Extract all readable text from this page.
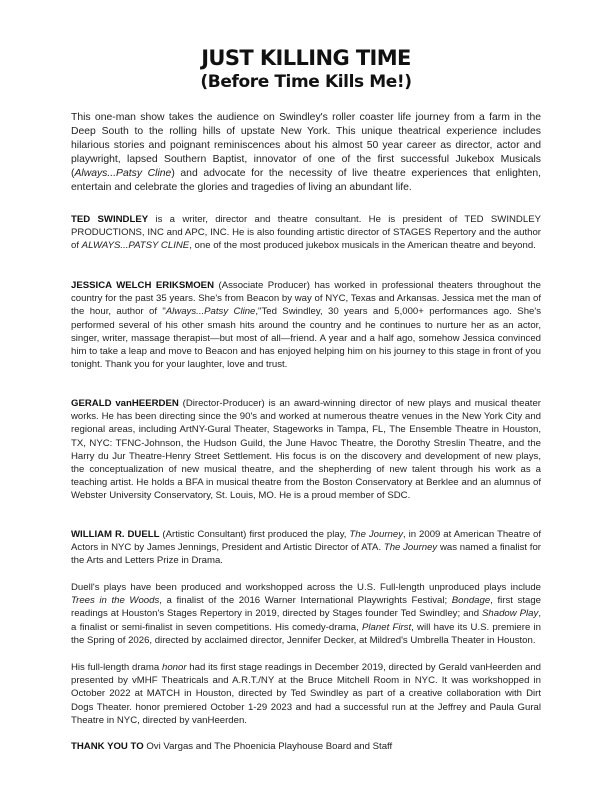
JUST KILLING TIME
(Before Time Kills Me!)

This one-man show takes the audience on Swindley's roller coaster life journey from a farm in the Deep South to the rolling hills of upstate New York. This unique theatrical experience includes hilarious stories and poignant reminiscences about his almost 50 year career as director, actor and playwright, lapsed Southern Baptist, innovator of one of the first successful Jukebox Musicals (Always...Patsy Cline) and advocate for the necessity of live theatre experiences that enlighten, entertain and celebrate the glories and tragedies of living an abundant life.

TED SWINDLEY is a writer, director and theatre consultant. He is president of TED SWINDLEY PRODUCTIONS, INC and APC, INC. He is also founding artistic director of STAGES Repertory and the author of ALWAYS...PATSY CLINE, one of the most produced jukebox musicals in the American theatre and beyond.

JESSICA WELCH ERIKSMOEN (Associate Producer) has worked in professional theaters throughout the country for the past 35 years. She's from Beacon by way of NYC, Texas and Arkansas. Jessica met the man of the hour, author of "Always...Patsy Cline,"Ted Swindley, 30 years and 5,000+ performances ago. She's performed several of his other smash hits around the country and he continues to nurture her as an actor, singer, writer, massage therapist—but most of all—friend. A year and a half ago, somehow Jessica convinced him to take a leap and move to Beacon and has enjoyed helping him on his journey to this stage in front of you tonight. Thank you for your laughter, love and trust.

GERALD vanHEERDEN (Director-Producer) is an award-winning director of new plays and musical theater works. He has been directing since the 90's and worked at numerous theatre venues in the New York City and regional areas, including ArtNY-Gural Theater, Stageworks in Tampa, FL, The Ensemble Theatre in Houston, TX, NYC: TFNC-Johnson, the Hudson Guild, the June Havoc Theatre, the Dorothy Streslin Theatre, and the Harry du Jur Theatre-Henry Street Settlement. His focus is on the discovery and development of new plays, the conceptualization of new musical theatre, and the shepherding of new talent through his work as a teaching artist. He holds a BFA in musical theatre from the Boston Conservatory at Berklee and an alumnus of Webster University Conservatory, St. Louis, MO. He is a proud member of SDC.

WILLIAM R. DUELL (Artistic Consultant) first produced the play, The Journey, in 2009 at American Theatre of Actors in NYC by James Jennings, President and Artistic Director of ATA. The Journey was named a finalist for the Arts and Letters Prize in Drama.

Duell's plays have been produced and workshopped across the U.S. Full-length unproduced plays include Trees in the Woods, a finalist of the 2016 Warner International Playwrights Festival; Bondage, first stage readings at Houston's Stages Repertory in 2019, directed by Stages founder Ted Swindley; and Shadow Play, a finalist or semi-finalist in seven competitions. His comedy-drama, Planet First, will have its U.S. premiere in the Spring of 2026, directed by acclaimed director, Jennifer Decker, at Mildred's Umbrella Theater in Houston.

His full-length drama honor had its first stage readings in December 2019, directed by Gerald vanHeerden and presented by vMHF Theatricals and A.R.T./NY at the Bruce Mitchell Room in NYC. It was workshopped in October 2022 at MATCH in Houston, directed by Ted Swindley as part of a creative collaboration with Dirt Dogs Theater. honor premiered October 1-29 2023 and had a successful run at the Jeffrey and Paula Gural Theatre in NYC, directed by vanHeerden.

THANK YOU TO Ovi Vargas and The Phoenicia Playhouse Board and Staff
